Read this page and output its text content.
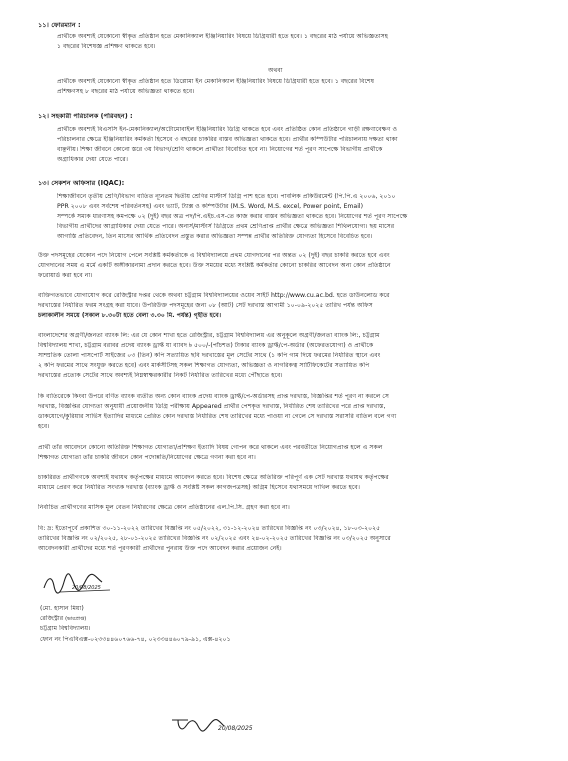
১১। ফোরম্যান :
প্রার্থীকে অবশ্যই যেকোনো স্বীকৃত প্রতিষ্ঠান হতে মেকানিক্যাল ইঞ্জিনিয়ারিং বিষয়ে ডিগ্রিধারী হতে হবে। ১ বছরের মাঠ পর্যায়ে অভিজ্ঞতাসহ
১ বছরের বিশেষজ্ঞ প্রশিক্ষণ থাকতে হবে।
অথবা
প্রার্থীকে অবশ্যই যেকোনো স্বীকৃত প্রতিষ্ঠান হতে ডিপ্লোমা ইন মেকানিক্যাল ইঞ্জিনিয়ারিং বিষয়ে ডিগ্রিধারী হতে হবে। ১ বছরের বিশেষ
প্রশিক্ষণসহ ৮ বছরের মাঠ পর্যায়ে অভিজ্ঞতা থাকতে হবে।
১২। সহকারী পরিচালক (পরিবহন) :
প্রার্থীকে অবশ্যই বিএসসি ইন-মেকানিক্যাল/অটোমোবাইল ইঞ্জিনিয়ারিং ডিগ্রি থাকতে হবে এবং প্রতিষ্ঠিত কোন প্রতিষ্ঠানে গাড়ী রক্ষণাবেক্ষণ ও
পরিচালনার ক্ষেত্রে ইঞ্জিনিয়ারিং কর্মকর্তা হিসেবে ৩ বছরের চাকরির বাস্তব অভিজ্ঞতা থাকতে হবে। প্রার্থীর কম্পিউটার পরিচালনায় দক্ষতা থাকা
বাঞ্ছনীয়। শিক্ষা জীবনে কোনো স্তরে ৩য় বিভাগ/শ্রেণি থাকলে প্রার্থীতা বিবেচিত হবে না। নিয়োগের শর্ত পূরণ সাপেক্ষে বিভাগীয় প্রার্থীকে
অগ্রাধিকার দেয়া যেতে পারে।
১৩। সেকশন অফিসার (IQAC):
শিক্ষাজীবনে তৃতীয় শ্রেণি/বিভাগ ব্যতিত ন্যূনতম দ্বিতীয় শ্রেণির মাস্টার্স ডিগ্রি পাশ হতে হবে। পাবলিক প্রকিউরমেন্ট (পি.পি.এ ২০০৬, ২০১০
PPR ২০০৮ এবং সর্বশেষ পরিবর্তনসহ) এবং ভ্যাট, ট্যাক্স ও কম্পিউটার (M.S. Word, M.S. excel, Power point, Email)
সম্পর্কে সম্যক ধারণাসহ কমপক্ষে ০২ (দুই) বছর অত্র পদ/পি.এইচ.এস-তে কাজ করার বাস্তব অভিজ্ঞতা থাকতে হবে। নিয়োগের শর্ত পূরণ সাপেক্ষে
বিভাগীয় প্রার্থীদের আগ্রাধিকার দেয়া যেতে পারে। অনার্স/মাস্টার্স ডিগ্রিতে প্রথম শ্রেণিপ্রাপ্ত প্রার্থীর ক্ষেত্রে অভিজ্ঞতা শিথিলযোগ্য। ছয় মাসের
আগাস্তি প্রতিবেদন, তিন মাসের আর্থিক প্রতিবেদন প্রস্তুত করার অভিজ্ঞতা সম্পন্ন প্রার্থীর অতিরিক্ত যোগ্যতা হিসেবে বিবেচিত হবে।
উক্ত পদসমূহের যেকোন পদে নিয়োগ পেলে সংশ্লিষ্ট কর্মকর্তাকে এ বিশ্ববিদ্যালয়ে প্রথম যোগদানের পর অন্তত ০২ (দুই) বছর চাকরি করতে হবে এবং
যোগদানের সময় এ মর্মে একটি অঙ্গীকারনামা প্রদান করতে হবে। উক্ত সময়ের মধ্যে সংশ্লিষ্ট কর্মকর্তার কোনো চাকরির আবেদন অন্য কোন প্রতিষ্ঠানে
ফরোয়ার্ড করা হবে না।
ব্যক্তিগতভাবে যোগাযোগ করে রেজিস্ট্রার দপ্তর থেকে অথবা চট্টগ্রাম বিশ্ববিদ্যালয়ের ওয়েব সাইট http://www.cu.ac.bd. হতে ডাউনলোড করে
দরখাস্তের নির্ধারিত ফরম সংগ্রহ করা যাবে। উপরিউক্ত পদসমূহের জন্য ০৮ (আট) সেট দরখাস্ত আগামী ১০-০৯-২০২৫ তারিখ পর্যন্ত অফিস
চলাকালীন সময়ে (সকাল ৮.৩০টা হতে বেলা ৩.৩০ মি. পর্যন্ত) গৃহীত হবে।
বাংলাদেশের অগ্রণী/জনতা ব্যাংক লি: এর যে কোন শাখা হতে রেজিস্ট্রার, চট্টগ্রাম বিশ্ববিদ্যালয় এর অনুকূলে অগ্রণী/জনতা ব্যাংক লি:, চট্টগ্রাম
বিশ্ববিদ্যালয় শাখা, চট্টগ্রাম বরাবর প্রদেয় ব্যাংক ড্রাফ্ট যা ব্যাবদ ৳ ৫০০/-(পাঁচশত) টাকার ব্যাংক ড্রাফ্ট/পে-অর্ডার (অফেরতযোগ্য) ও প্রার্থীকে
সাম্প্রতিক তোলা পাসপোর্ট সাইজের ০৩ (তিন) কপি সত্যায়িত ছবি দরখাস্তের মূল সেটের সাথে (১ কপি গাম দিয়ে ফরমের নির্ধারিত স্থানে এবং
২ কপি ফরমের সাথে সংযুক্ত করতে হবে) এবং মার্কসীটসহ সকল শিক্ষাগত যোগ্যতা, অভিজ্ঞতা ও নাগরিকত্ব সার্টিফিকেটের সত্যায়িত কপি
দরখাস্তের প্রত্যেক সেটের সাথে অবশ্যই নিম্নস্বাক্ষরকারীর নিকট নির্ধারিত তারিখের মধ্যে পৌঁছাতে হবে।
কি ব্যতিরেকে কিংবা উপরে বর্ণিত ব্যাংক ব্যতীত অন্য কোন ব্যাংক প্রদেয় ব্যাংক ড্রাফ্ট/পে-অর্ডারসহ প্রাপ্ত দরখাস্ত, বিজ্ঞপ্তির শর্ত পূরণ না করলে সে
দরখাস্ত, বিজ্ঞপ্তির যোগ্যতা অনুযায়ী প্রয়োজনীয় ডিগ্রি পরীক্ষায় Appeared প্রার্থীর পেশকৃত দরখাস্ত, নির্ধারিত শেষ তারিখের পরে প্রাপ্ত দরখাস্ত,
ডাকযোগে/কুরিয়ার সার্ভিস ইত্যাদির মাধ্যমে প্রেরিত কোন দরখাস্ত নির্ধারিত শেষ তারিখের মধ্যে পাওয়া না গেলে সে দরখাস্ত সরাসরি বাতিল বলে গণ্য
হবে।
প্রার্থী তাঁর আবেদনে কোনো অতিরিক্ত শিক্ষাগত যোগ্যতা/প্রশিক্ষণ ইত্যাদি বিষয় গোপন করে থাকলে এবং পরবর্তীতে নিয়োগপ্রাপ্ত হলে এ সকল
শিক্ষাগত যোগ্যতা তাঁর চাকরি জীবনে কোন পদোন্নতি/নিয়োগের ক্ষেত্রে গণনা করা হবে না।
চাকরিরত প্রার্থীগণকে অবশ্যই যথাযথ কর্তৃপক্ষের মাধ্যমে আবেদন করতে হবে। বিশেষ ক্ষেত্রে অতিরিক্ত পরিপূর্ণ এক সেট দরখাস্ত যথাযথ কর্তৃপক্ষের
মাধ্যমে প্রেরণ করে নির্ধারিত সংখ্যক দরখাস্ত (ব্যাংক ড্রাফ্ট ও সংশ্লিষ্ট সকল কাগজপত্রসহ) অগ্রিম হিসেবে যথাসময়ে দাখিল করতে হবে।
নির্বাচিত প্রার্থীগণের মাসিক মূল বেতন নির্ধারণের ক্ষেত্রে কোন প্রতিষ্ঠানের এল.পি.সি. গ্রহণ করা হবে না।
বি: দ্র: ইতোপূর্বে প্রকাশিত ৩০-১১-২০২২ তারিখের বিজ্ঞপ্তি নং ০৫/২০২২, ৩১-১২-২০২৪ তারিখের বিজ্ঞপ্তি নং ০৩/২০২৪, ১৮-০৩-২০২৫
তারিখের বিজ্ঞপ্তি নং ০২/২০২৫, ২৮-০১-২০২৫ তারিখের বিজ্ঞপ্তি নং ০২/২০২৫ এবং ২৪-০২-২০২৫ তারিখের বিজ্ঞপ্তি নং ০৩/২০২৫ অনুসারে
আবেদনকারী প্রার্থীদের মধ্যে শর্ত পূরণকারী প্রার্থীদের পুনরায় উক্ত পদে আবেদন করার প্রয়োজন নেই।
20/08/2025
(মো. হাসান মিয়া)
রেজিস্ট্রার (ভারপ্রাপ্ত)
চট্টগ্রাম বিশ্ববিদ্যালয়।
ফোন নং পিএবিএক্স-০২৩৩৪৪৬০৭৬৬-৭৪, ০২৩৩৪৪৬০৭৯-৯১, এক্স-৪২০১
20/08/2025
